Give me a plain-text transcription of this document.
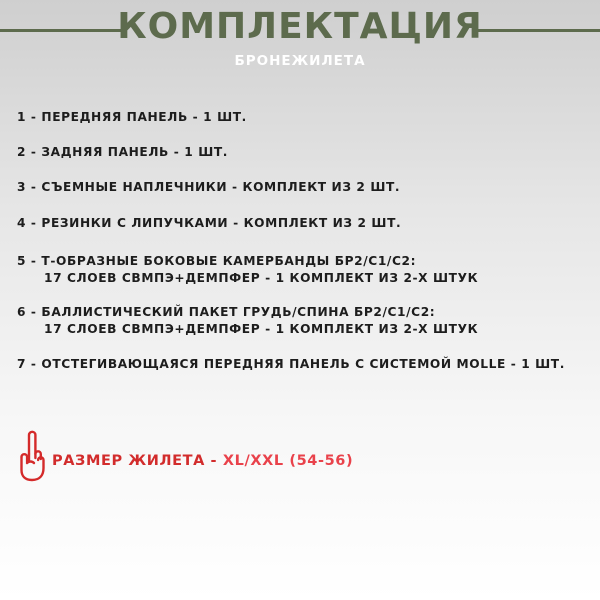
КОМПЛЕКТАЦИЯ
БРОНЕЖИЛЕТА
1 - ПЕРЕДНЯЯ ПАНЕЛЬ - 1 ШТ.
2 - ЗАДНЯЯ ПАНЕЛЬ - 1 ШТ.
3 - СЪЕМНЫЕ НАПЛЕЧНИКИ - КОМПЛЕКТ ИЗ 2 ШТ.
4 - РЕЗИНКИ С ЛИПУЧКАМИ - КОМПЛЕКТ ИЗ 2 ШТ.
5 - Т-ОБРАЗНЫЕ БОКОВЫЕ КАМЕРБАНДЫ БР2/С1/С2:
17 СЛОЕВ СВМПЭ+ДЕМПФЕР - 1 КОМПЛЕКТ ИЗ 2-Х ШТУК
6 - БАЛЛИСТИЧЕСКИЙ ПАКЕТ ГРУДЬ/СПИНА БР2/С1/С2:
17 СЛОЕВ СВМПЭ+ДЕМПФЕР - 1 КОМПЛЕКТ ИЗ 2-Х ШТУК
7 - ОТСТЕГИВАЮЩАЯСЯ ПЕРЕДНЯЯ ПАНЕЛЬ С СИСТЕМОЙ MOLLE - 1 ШТ.
РАЗМЕР ЖИЛЕТА - XL/XXL (54-56)
